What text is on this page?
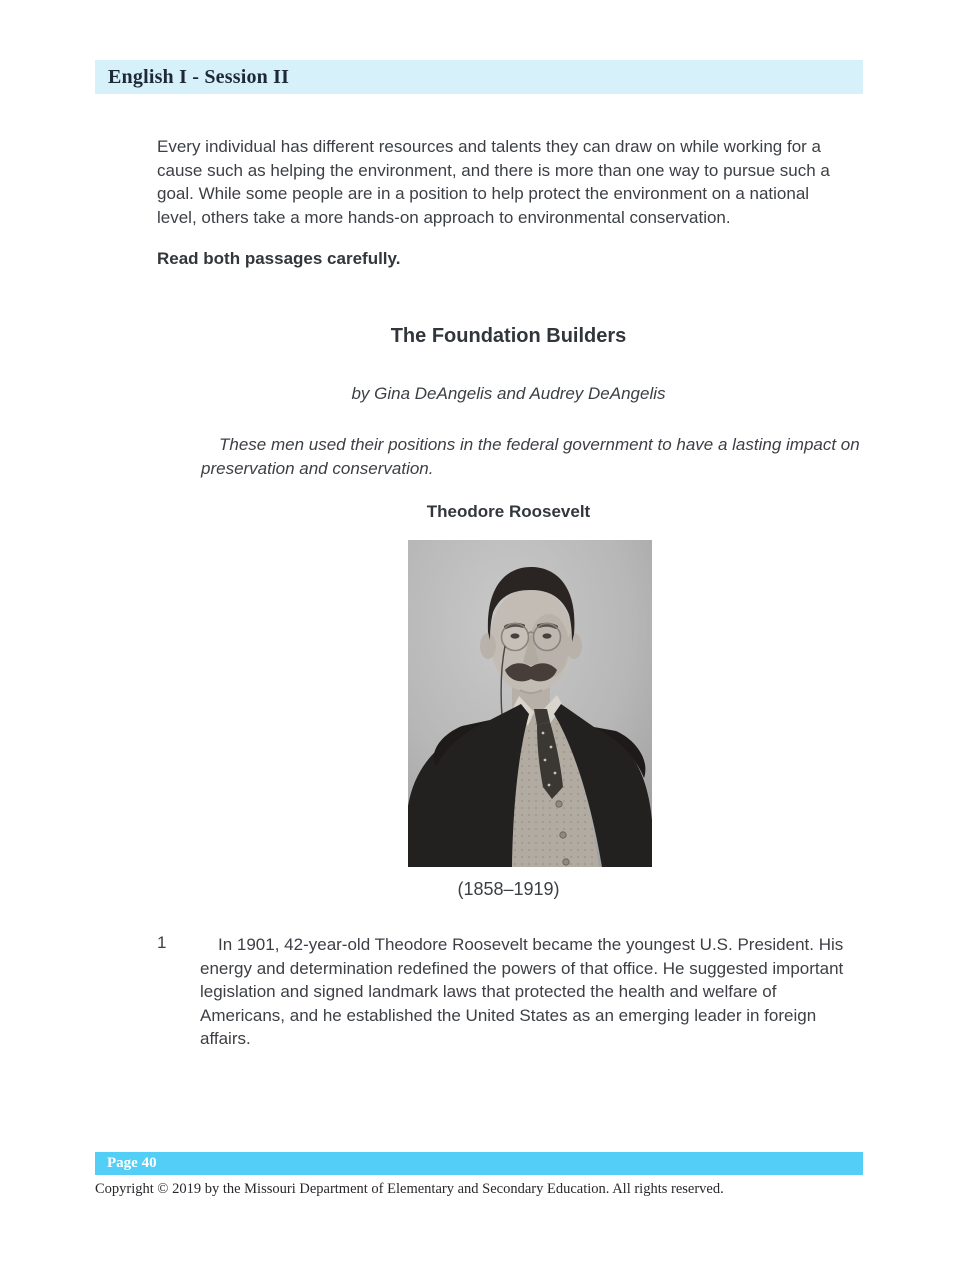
English I - Session II

Every individual has different resources and talents they can draw on while working for a cause such as helping the environment, and there is more than one way to pursue such a goal. While some people are in a position to help protect the environment on a national level, others take a more hands-on approach to environmental conservation.

Read both passages carefully.

The Foundation Builders

by Gina DeAngelis and Audrey DeAngelis

These men used their positions in the federal government to have a lasting impact on preservation and conservation.

Theodore Roosevelt
(1858–1919)
1	In 1901, 42-year-old Theodore Roosevelt became the youngest U.S. President. His energy and determination redefined the powers of that office. He suggested important legislation and signed landmark laws that protected the health and welfare of Americans, and he established the United States as an emerging leader in foreign affairs.

Page 40

Copyright © 2019 by the Missouri Department of Elementary and Secondary Education. All rights reserved.
